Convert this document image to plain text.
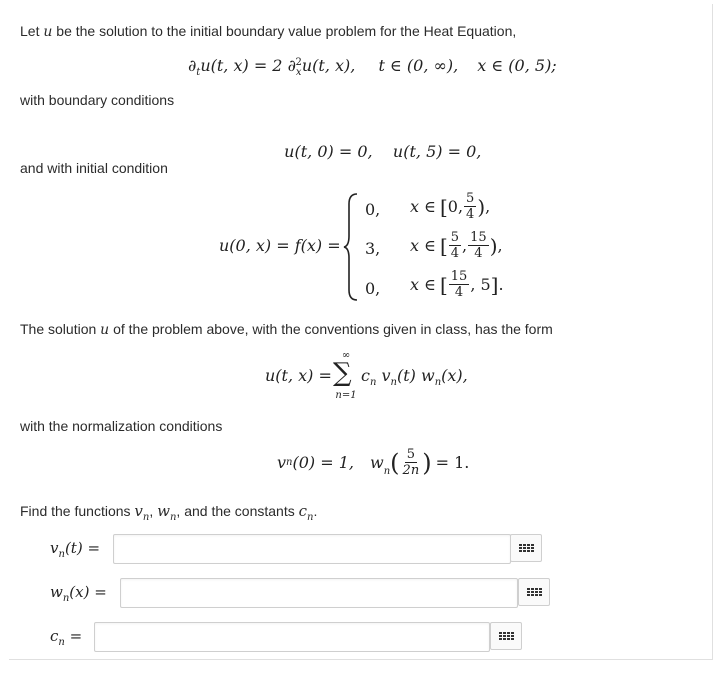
Let u be the solution to the initial boundary value problem for the Heat Equation,
$\partial_tu(t$, x) = 2 $\partial_x^2u(t$, x), t ∈ (0, ∞), x ∈ (0, 5);
with boundary conditions

u(t, 0) = 0,    u(t, 5) = 0,

and with initial condition
u(0, x) = f(x) =
0, x ∈ [ 0, $\frac{5}{4}$ ) ,
3, x ∈ [ $\frac{5}{4}$ , $\frac{15}{4}$ ) ,
0, x ∈ [ $\frac{15}{4}$ , 5 ] .
The solution u of the problem above, with the conventions given in class, has the form
u(t, x) =
∞
∑
n=1
$c_n$ $v_n(t)$ $w_n(x)$,
with the normalization conditions
v n (0) = 1, $w_n$ ( $\frac{5}{2n}$ ) = 1.
Find the functions $v_n$, $w_n$, and the constants $c_n$.
$v_n(t)$ =
$w_n(x)$ =
$c_n$ =
